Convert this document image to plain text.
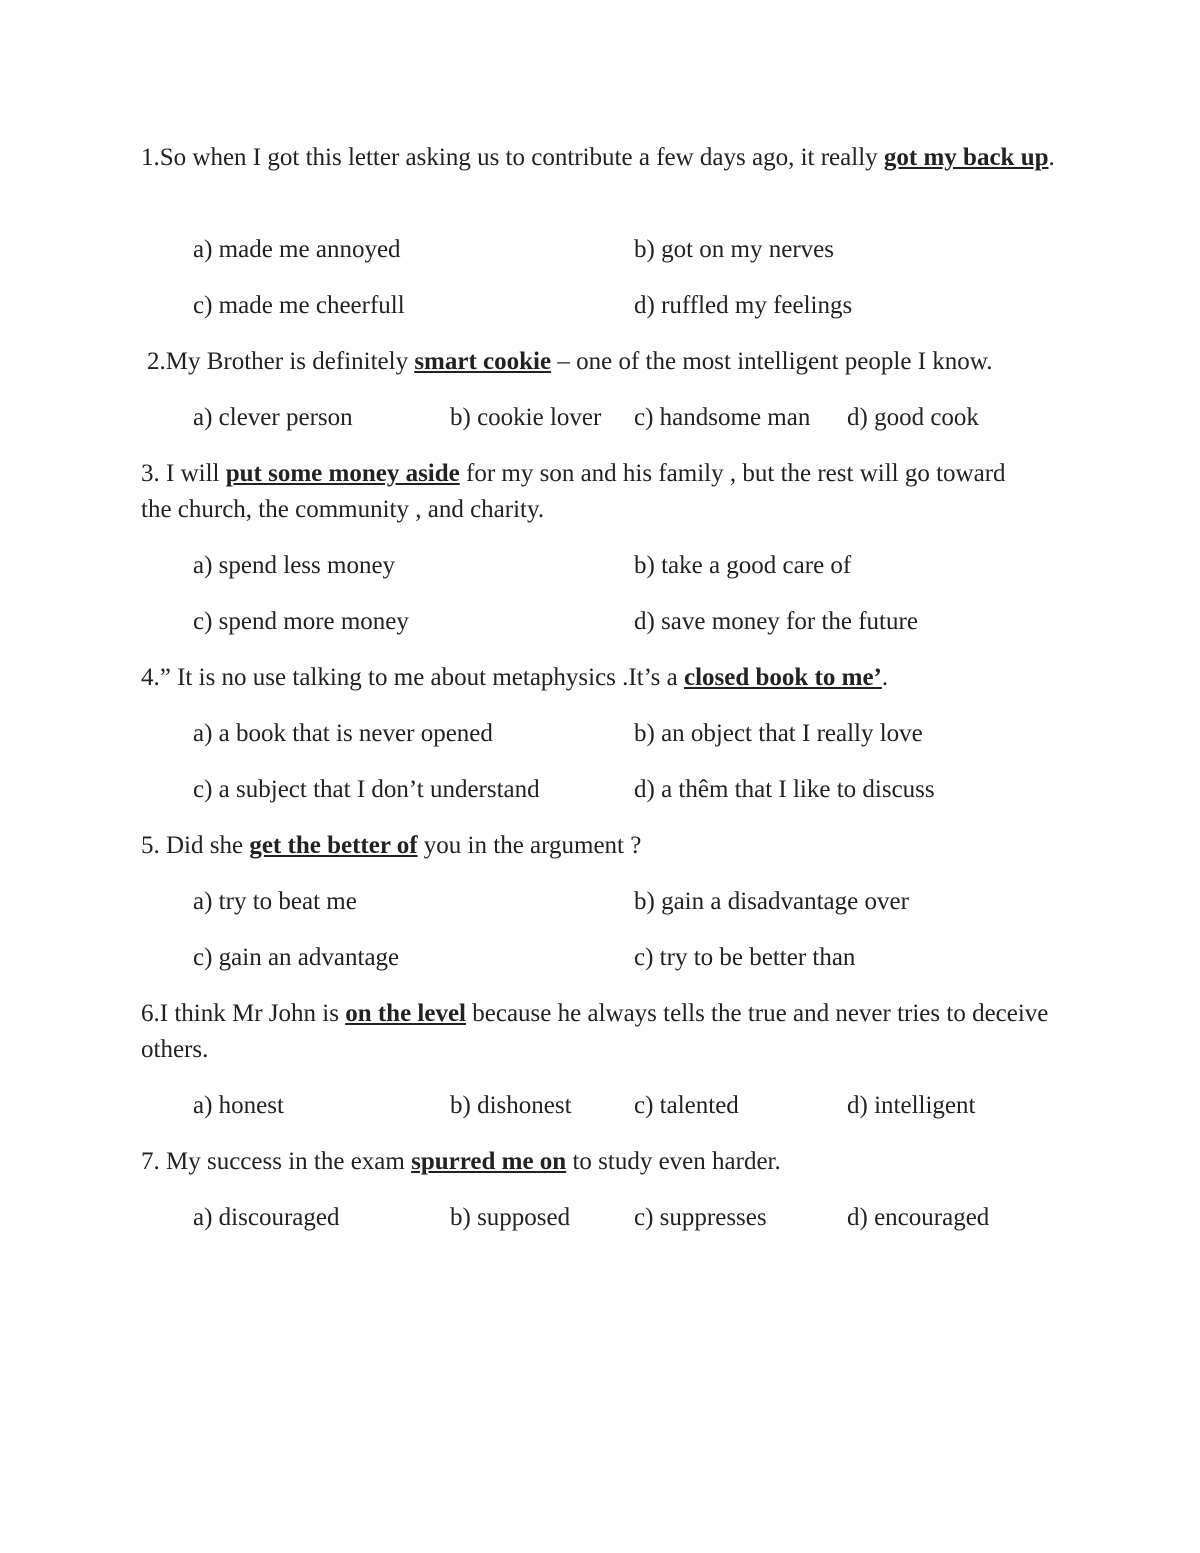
1.So when I got this letter asking us to contribute a few days ago, it really got my back up.

a) made me annoyed	b) got on my nerves
c) made me cheerfull	d) ruffled my feelings

2.My Brother is definitely smart cookie – one of the most intelligent people I know.

a) clever person	b) cookie lover c) handsome man d) good cook

3. I will put some money aside for my son and his family , but the rest will go toward the church, the community , and charity.

a) spend less money	b) take a good care of
c) spend more money	d) save money for the future

4.” It is no use talking to me about metaphysics .It’s a closed book to me’.

a) a book that is never opened	b) an object that I really love
c) a subject that I don’t understand	d) a thêm that I like to discuss

5. Did she get the better of you in the argument ?

a) try to beat me	b) gain a disadvantage over
c) gain an advantage	c) try to be better than

6.I think Mr John is on the level because he always tells the true and never tries to deceive others.

a) honest	b) dishonest c) talented	d) intelligent

7. My success in the exam spurred me on to study even harder.

a) discouraged	b) supposed	c) suppresses	d) encouraged
